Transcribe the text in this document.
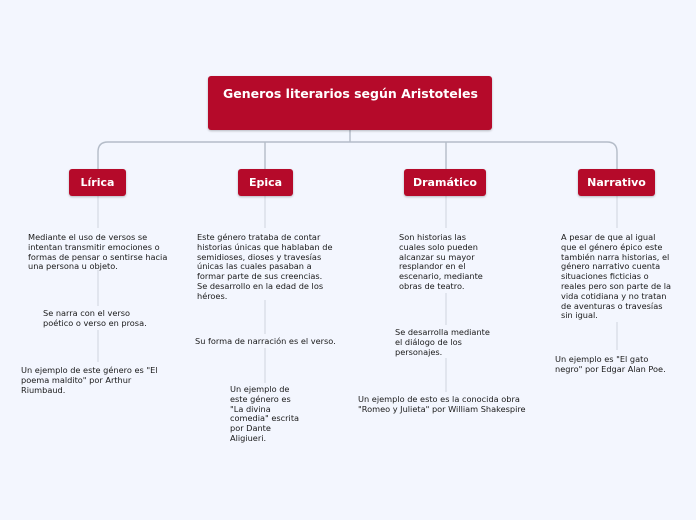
Generos literarios según Aristoteles
Lírica	Epica	Dramático	Narrativo
Mediante el uso de versos se intentan transmitir emociones o formas de pensar o sentirse hacia una persona u objeto.
Se narra con el verso poético o verso en prosa.
Un ejemplo de este género es "El poema maldito" por Arthur Riumbaud.
Este género trataba de contar historias únicas que hablaban de semidioses, dioses y travesías únicas las cuales pasaban a formar parte de sus creencias. Se desarrollo en la edad de los héroes.
Su forma de narración es el verso.
Un ejemplo de este género es "La divina comedia" escrita por Dante Aligiueri.
Son historias las cuales solo pueden alcanzar su mayor resplandor en el escenario, mediante obras de teatro.
Se desarrolla mediante el diálogo de los personajes.
Un ejemplo de esto es la conocida obra "Romeo y Julieta" por William Shakespire
A pesar de que al igual que el género épico este también narra historias, el género narrativo cuenta situaciones ficticias o reales pero son parte de la vida cotidiana y no tratan de aventuras o travesías sin igual.
Un ejemplo es "El gato negro" por Edgar Alan Poe.
